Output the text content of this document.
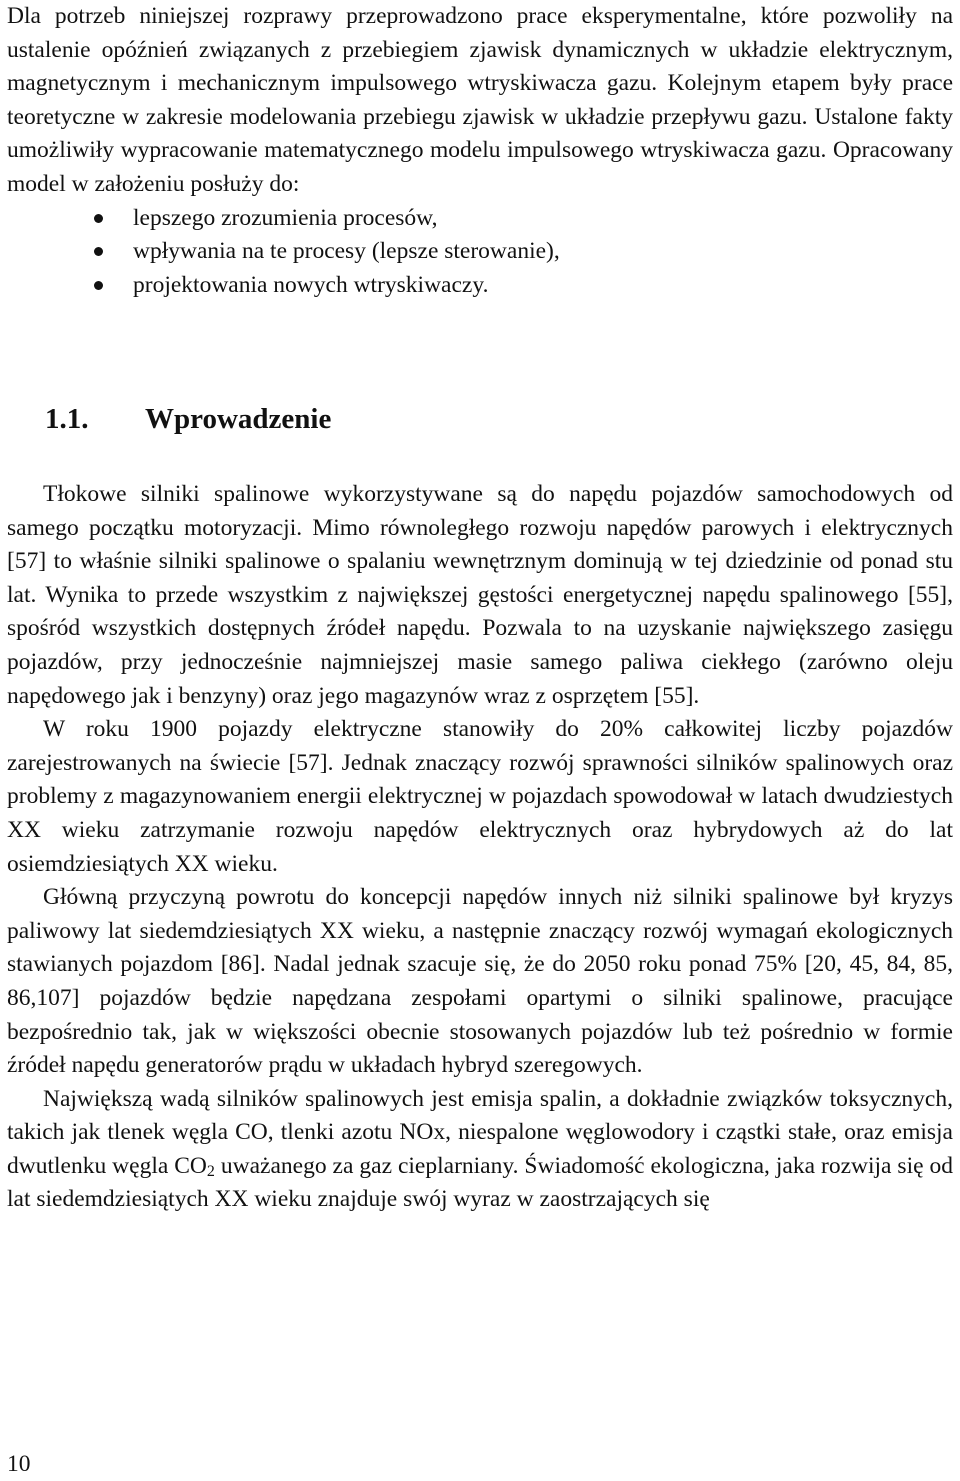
Dla potrzeb niniejszej rozprawy przeprowadzono prace eksperymentalne, które pozwoliły na ustalenie opóźnień związanych z przebiegiem zjawisk dynamicznych w układzie elektrycznym, magnetycznym i mechanicznym impulsowego wtryskiwacza gazu. Kolejnym etapem były prace teoretyczne w zakresie modelowania przebiegu zjawisk w układzie przepływu gazu. Ustalone fakty umożliwiły wypracowanie matematycznego modelu impulsowego wtryskiwacza gazu. Opracowany model w założeniu posłuży do:

lepszego zrozumienia procesów,
wpływania na te procesy (lepsze sterowanie),
projektowania nowych wtryskiwaczy.
1.1. Wprowadzenie

Tłokowe silniki spalinowe wykorzystywane są do napędu pojazdów samochodowych od samego początku motoryzacji. Mimo równoległego rozwoju napędów parowych i elektrycznych [57] to właśnie silniki spalinowe o spalaniu wewnętrznym dominują w tej dziedzinie od ponad stu lat. Wynika to przede wszystkim z największej gęstości energetycznej napędu spalinowego [55], spośród wszystkich dostępnych źródeł napędu. Pozwala to na uzyskanie największego zasięgu pojazdów, przy jednocześnie najmniejszej masie samego paliwa ciekłego (zarówno oleju napędowego jak i benzyny) oraz jego magazynów wraz z osprzętem [55].

W roku 1900 pojazdy elektryczne stanowiły do 20% całkowitej liczby pojazdów zarejestrowanych na świecie [57]. Jednak znaczący rozwój sprawności silników spalinowych oraz problemy z magazynowaniem energii elektrycznej w pojazdach spowodował w latach dwudziestych XX wieku zatrzymanie rozwoju napędów elektrycznych oraz hybrydowych aż do lat osiemdziesiątych XX wieku.

Główną przyczyną powrotu do koncepcji napędów innych niż silniki spalinowe był kryzys paliwowy lat siedemdziesiątych XX wieku, a następnie znaczący rozwój wymagań ekologicznych stawianych pojazdom [86]. Nadal jednak szacuje się, że do 2050 roku ponad 75% [20, 45, 84, 85, 86,107] pojazdów będzie napędzana zespołami opartymi o silniki spalinowe, pracujące bezpośrednio tak, jak w większości obecnie stosowanych pojazdów lub też pośrednio w formie źródeł napędu generatorów prądu w układach hybryd szeregowych.

Największą wadą silników spalinowych jest emisja spalin, a dokładnie związków toksycznych, takich jak tlenek węgla CO, tlenki azotu NOx, niespalone węglowodory i cząstki stałe, oraz emisja dwutlenku węgla $CO_2$ uważanego za gaz cieplarniany. Świadomość ekologiczna, jaka rozwija się od lat siedemdziesiątych XX wieku znajduje swój wyraz w zaostrzających się

10
